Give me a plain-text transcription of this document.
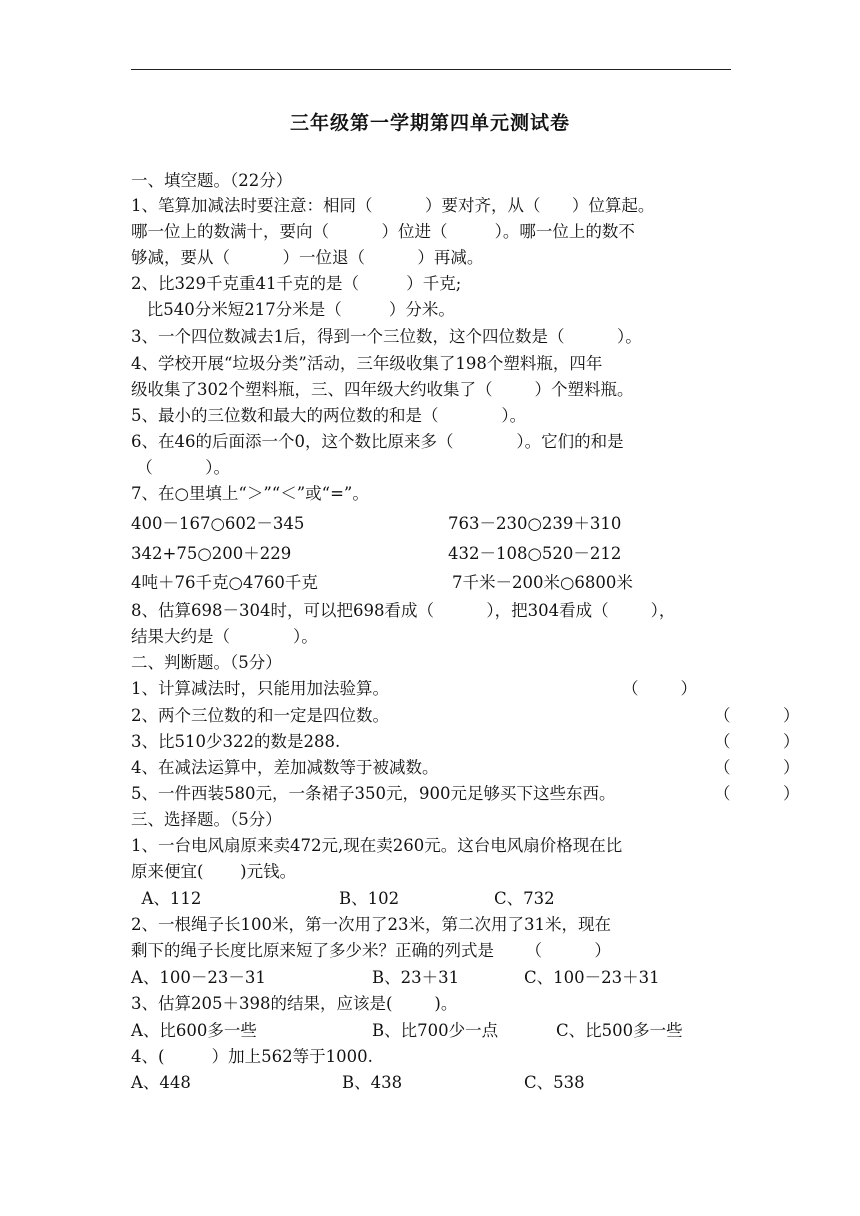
三年级第一学期第四单元测试卷
一、填空题。（22分）
1、笔算加减法时要注意：相同（          ）要对齐，从（      ）位算起。
哪一位上的数满十，要向（          ）位进（         ）。哪一位上的数不
够减，要从（          ）一位退（          ）再减。
2、比329千克重41千克的是（         ）千克;
比540分米短217分米是（         ）分米。
3、一个四位数减去1后，得到一个三位数，这个四位数是（          ）。
4、学校开展“垃圾分类”活动，三年级收集了198个塑料瓶，四年
级收集了302个塑料瓶，三、四年级大约收集了（        ）个塑料瓶。
5、最小的三位数和最大的两位数的和是（            ）。
6、在46的后面添一个0，这个数比原来多（            ）。它们的和是
（          ）。
7、在○里填上“＞”“＜”或“=”。
400－167○602－345	763－230○239＋310
342+75○200＋229	432－108○520－212
4吨＋76千克○4760千克	7千米－200米○6800米
8、估算698－304时，可以把698看成（          ），把304看成（        ），
结果大约是（            ）。
二、判断题。（5分）
1、计算减法时，只能用加法验算。	（        ）
2、两个三位数的和一定是四位数。	（          ）
3、比510少322的数是288.	（          ）
4、在减法运算中，差加减数等于被减数。	（          ）
5、一件西装580元，一条裙子350元，900元足够买下这些东西。	（          ）
三、选择题。（5分）
1、一台电风扇原来卖472元,现在卖260元。这台电风扇价格现在比
原来便宜(       )元钱。
A、112	B、102	C、732
2、一根绳子长100米，第一次用了23米，第二次用了31米，现在
剩下的绳子长度比原来短了多少米？正确的列式是      （          ）
A、100－23－31	B、23＋31	C、100－23＋31
3、估算205＋398的结果，应该是(        )。
A、比600多一些	B、比700少一点	C、比500多一些
4、(         ）加上562等于1000.
A、448	B、438	C、538
